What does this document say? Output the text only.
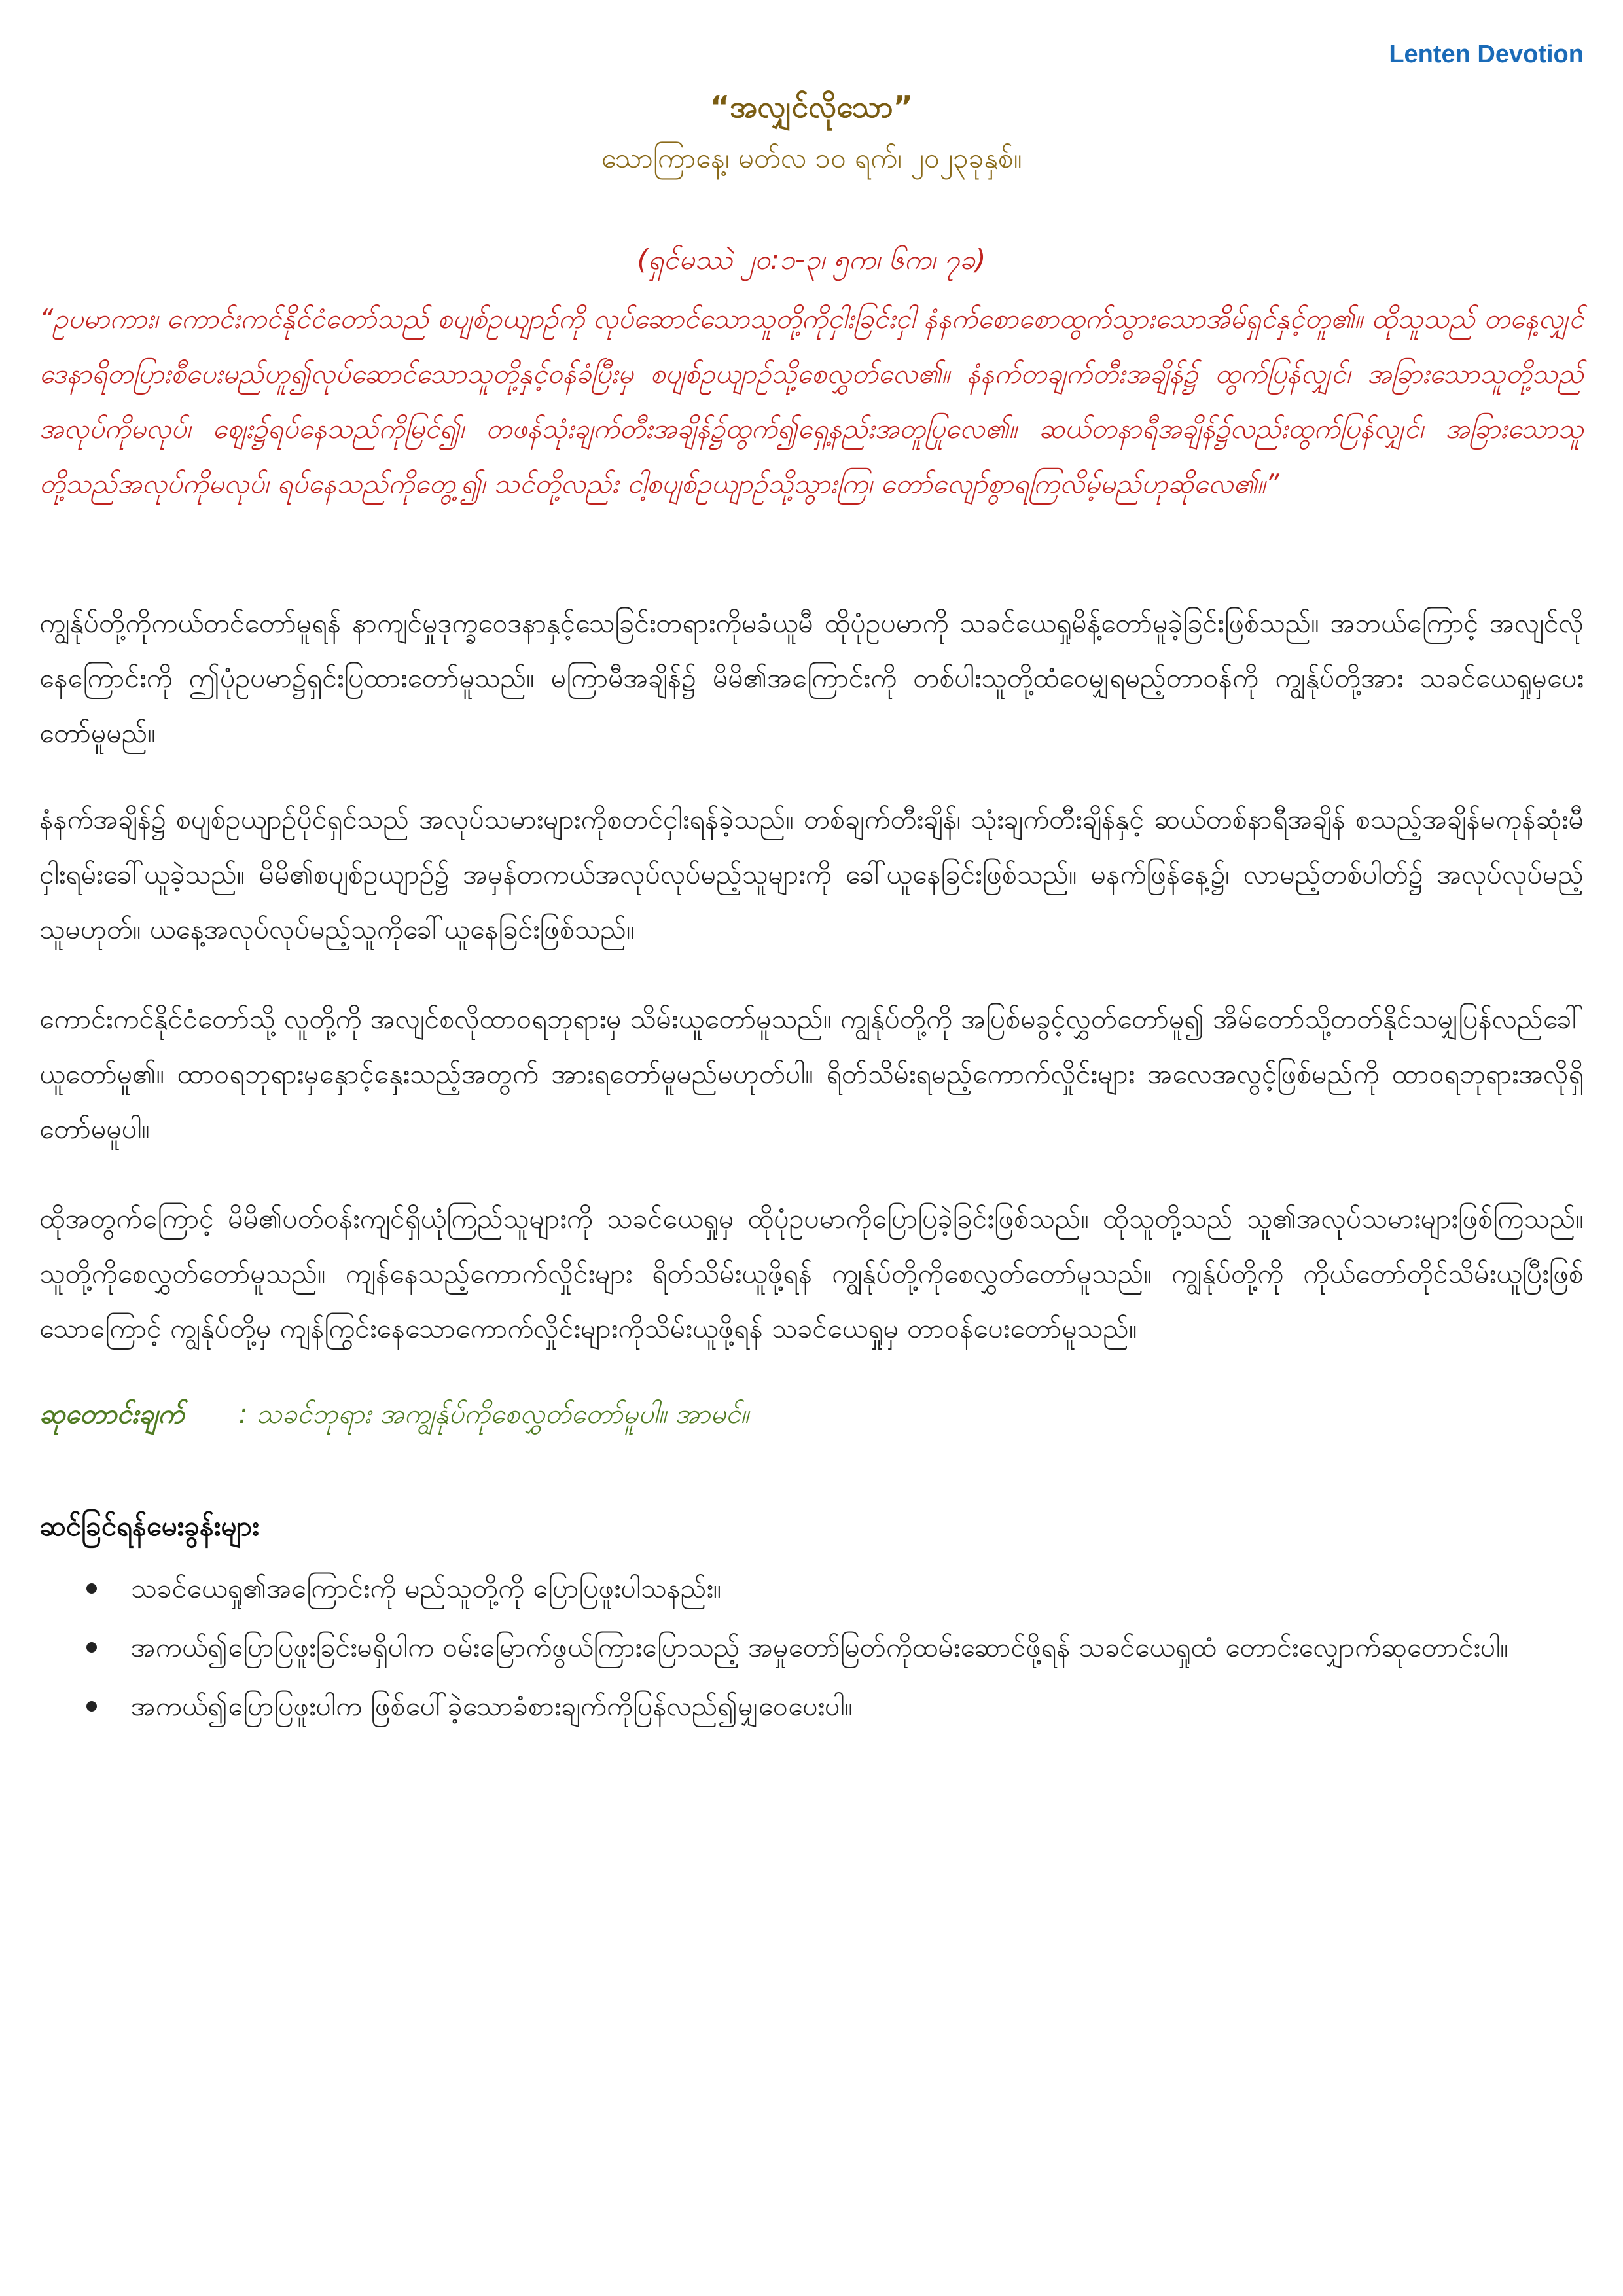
Lenten Devotion
“အလျှင်လိုသော”
သောကြာနေ့၊ မတ်လ ၁၀ ရက်၊ ၂၀၂၃ခုနှစ်။
(ရှင်မဿဲ ၂၀:၁-၃၊ ၅က၊ ၆က၊ ၇ခ)
“ဥပမာကား၊ ကောင်းကင်နိုင်ငံတော်သည် စပျစ်ဥယျာဉ်ကို လုပ်ဆောင်သောသူတို့ကိုငှါးခြင်းငှါ နံနက်စောစောထွက်သွားသောအိမ်ရှင်နှင့်တူ၏။ ထိုသူသည် တနေ့လျှင် ဒေနာရိတပြားစီပေးမည်ဟူ၍လုပ်ဆောင်သောသူတို့နှင့်ဝန်ခံပြီးမှ စပျစ်ဥယျာဉ်သို့စေလွှတ်လေ၏။ နံနက်တချက်တီးအချိန်၌ ထွက်ပြန်လျှင်၊ အခြားသောသူတို့သည် အလုပ်ကိုမလုပ်၊ ဈေး၌ရပ်နေသည်ကိုမြင်၍၊ တဖန်သုံးချက်တီးအချိန်၌ထွက်၍ရှေ့နည်းအတူပြုလေ၏။ ဆယ်တနာရီအချိန်၌လည်းထွက်ပြန်လျှင်၊ အခြားသောသူတို့သည်အလုပ်ကိုမလုပ်၊ ရပ်နေသည်ကိုတွေ့၍၊ သင်တို့လည်း ငါ့စပျစ်ဥယျာဉ်သို့သွားကြ၊ တော်လျော်စွာရကြလိမ့်မည်ဟုဆိုလေ၏။”
ကျွန်ုပ်တို့ကိုကယ်တင်တော်မူရန် နာကျင်မှုဒုက္ခဝေဒနာနှင့်သေခြင်းတရားကိုမခံယူမီ ထိုပုံဥပမာကို သခင်ယေရှုမိန့်တော်မူခဲ့ခြင်းဖြစ်သည်။ အဘယ်ကြောင့် အလျင်လိုနေကြောင်းကို ဤပုံဥပမာ၌ရှင်းပြထားတော်မူသည်။ မကြာမီအချိန်၌ မိမိ၏အကြောင်းကို တစ်ပါးသူတို့ထံဝေမျှရမည့်တာဝန်ကို ကျွန်ုပ်တို့အား သခင်ယေရှုမှပေးတော်မူမည်။
နံနက်အချိန်၌ စပျစ်ဥယျာဉ်ပိုင်ရှင်သည် အလုပ်သမားများကိုစတင်ငှါးရန်ခဲ့သည်။ တစ်ချက်တီးချိန်၊ သုံးချက်တီးချိန်နှင့် ဆယ်တစ်နာရီအချိန် စသည့်အချိန်မကုန်ဆုံးမီငှါးရမ်းခေါ်ယူခဲ့သည်။ မိမိ၏စပျစ်ဥယျာဉ်၌ အမှန်တကယ်အလုပ်လုပ်မည့်သူများကို ခေါ်ယူနေခြင်းဖြစ်သည်။ မနက်ဖြန်နေ့၌၊ လာမည့်တစ်ပါတ်၌ အလုပ်လုပ်မည့်သူမဟုတ်။ ယနေ့အလုပ်လုပ်မည့်သူကိုခေါ်ယူနေခြင်းဖြစ်သည်။
ကောင်းကင်နိုင်ငံတော်သို့ လူတို့ကို အလျင်စလိုထာဝရဘုရားမှ သိမ်းယူတော်မူသည်။ ကျွန်ုပ်တို့ကို အပြစ်မခွင့်လွှတ်တော်မူ၍ အိမ်တော်သို့တတ်နိုင်သမျှပြန်လည်ခေါ်ယူတော်မူ၏။ ထာဝရဘုရားမှနှောင့်နှေးသည့်အတွက် အားရတော်မူမည်မဟုတ်ပါ။ ရိတ်သိမ်းရမည့်ကောက်လှိုင်းများ အလေအလွင့်ဖြစ်မည်ကို ထာဝရဘုရားအလိုရှိတော်မမူပါ။
ထိုအတွက်ကြောင့် မိမိ၏ပတ်ဝန်းကျင်ရှိယုံကြည်သူများကို သခင်ယေရှုမှ ထိုပုံဥပမာကိုပြောပြခဲ့ခြင်းဖြစ်သည်။ ထိုသူတို့သည် သူ၏အလုပ်သမားများဖြစ်ကြသည်။ သူတို့ကိုစေလွှတ်တော်မူသည်။ ကျန်နေသည့်ကောက်လှိုင်းများ ရိတ်သိမ်းယူဖို့ရန် ကျွန်ုပ်တို့ကိုစေလွှတ်တော်မူသည်။ ကျွန်ုပ်တို့ကို ကိုယ်တော်တိုင်သိမ်းယူပြီးဖြစ်သောကြောင့် ကျွန်ုပ်တို့မှ ကျန်ကြွင်းနေသောကောက်လှိုင်းများကိုသိမ်းယူဖို့ရန် သခင်ယေရှုမှ တာဝန်ပေးတော်မူသည်။
ဆုတောင်းချက် : သခင်ဘုရား အကျွန်ုပ်ကိုစေလွှတ်တော်မူပါ။ အာမင်။
ဆင်ခြင်ရန်မေးခွန်းများ
သခင်ယေရှု၏အကြောင်းကို မည်သူတို့ကို ပြောပြဖူးပါသနည်း။
အကယ်၍ပြောပြဖူးခြင်းမရှိပါက ဝမ်းမြောက်ဖွယ်ကြားပြောသည့် အမှုတော်မြတ်ကိုထမ်းဆောင်ဖို့ရန် သခင်ယေရှုထံ တောင်းလျှောက်ဆုတောင်းပါ။
အကယ်၍ပြောပြဖူးပါက ဖြစ်ပေါ်ခဲ့သောခံစားချက်ကိုပြန်လည်၍မျှဝေပေးပါ။
